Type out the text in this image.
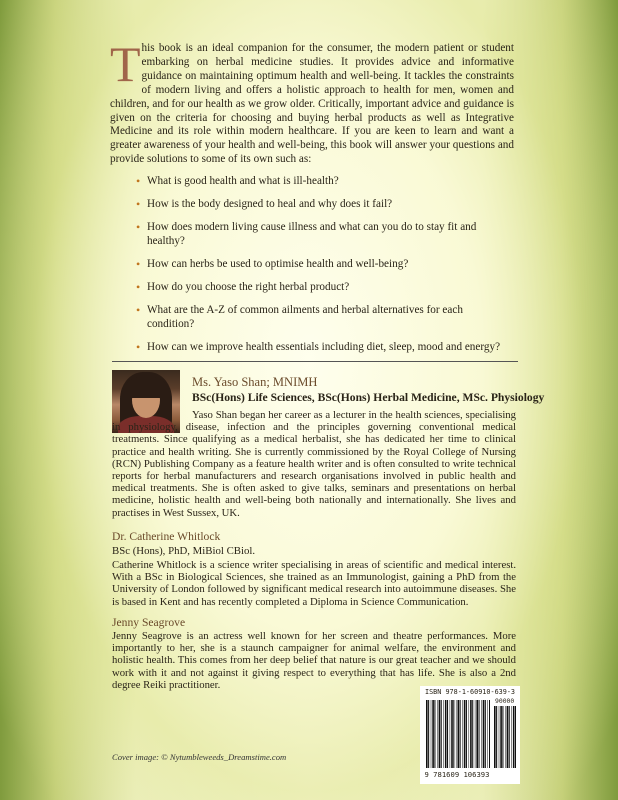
This book is an ideal companion for the consumer, the modern patient or student embarking on herbal medicine studies. It provides advice and informative guidance on maintaining optimum health and well-being. It tackles the constraints of modern living and offers a holistic approach to health for men, women and children, and for our health as we grow older. Critically, important advice and guidance is given on the criteria for choosing and buying herbal products as well as Integrative Medicine and its role within modern healthcare. If you are keen to learn and want a greater awareness of your health and well-being, this book will answer your questions and provide solutions to some of its own such as:
• What is good health and what is ill-health?
• How is the body designed to heal and why does it fail?
• How does modern living cause illness and what can you do to stay fit and healthy?
• How can herbs be used to optimise health and well-being?
• How do you choose the right herbal product?
• What are the A-Z of common ailments and herbal alternatives for each condition?
• How can we improve health essentials including diet, sleep, mood and energy?
Ms. Yaso Shan; MNIMH
BSc(Hons) Life Sciences, BSc(Hons) Herbal Medicine, MSc. Physiology
Yaso Shan began her career as a lecturer in the health sciences, specialising in physiology, disease, infection and the principles governing conventional medical treatments. Since qualifying as a medical herbalist, she has dedicated her time to clinical practice and health writing. She is currently commissioned by the Royal College of Nursing (RCN) Publishing Company as a feature health writer and is often consulted to write technical reports for herbal manufacturers and research organisations involved in public health and medical treatments. She is often asked to give talks, seminars and presentations on herbal medicine, holistic health and well-being both nationally and internationally. She lives and practises in West Sussex, UK.
Dr. Catherine Whitlock
BSc (Hons), PhD, MiBiol CBiol.
Catherine Whitlock is a science writer specialising in areas of scientific and medical interest. With a BSc in Biological Sciences, she trained as an Immunologist, gaining a PhD from the University of London followed by significant medical research into autoimmune diseases. She is based in Kent and has recently completed a Diploma in Science Communication.
Jenny Seagrove
Jenny Seagrove is an actress well known for her screen and theatre performances. More importantly to her, she is a staunch campaigner for animal welfare, the environment and holistic health. This comes from her deep belief that nature is our great teacher and we should work with it and not against it giving respect to everything that has life. She is also a 2nd degree Reiki practitioner.
Cover image: © Nytumbleweeds_Dreamstime.com
ISBN 978-1-60910-639-3
90000
9 781609 106393
